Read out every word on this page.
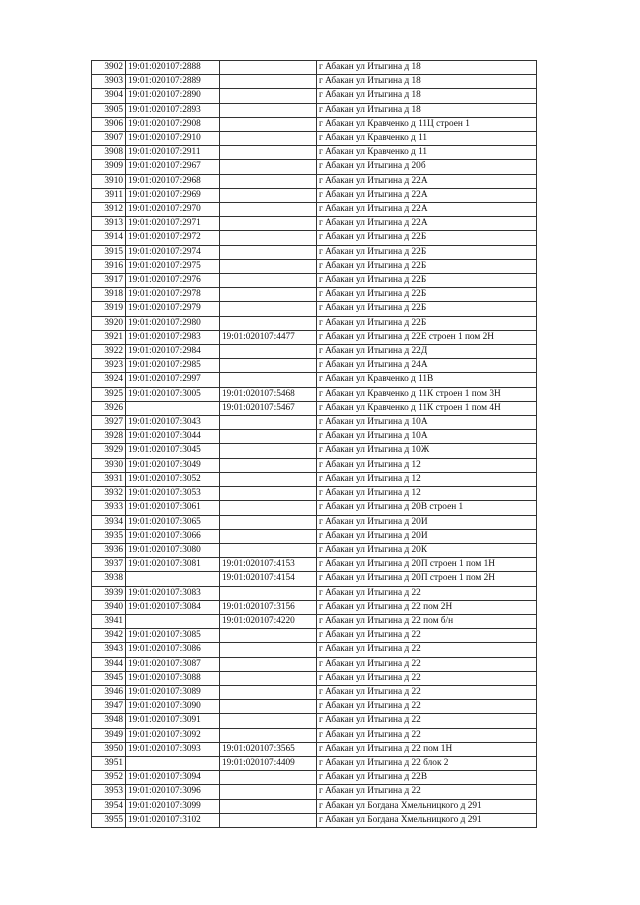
3902	19:01:020107:2888		г Абакан ул Итыгина д 18
3903	19:01:020107:2889		г Абакан ул Итыгина д 18
3904	19:01:020107:2890		г Абакан ул Итыгина д 18
3905	19:01:020107:2893		г Абакан ул Итыгина д 18
3906	19:01:020107:2908		г Абакан ул Кравченко д 11Ц строен 1
3907	19:01:020107:2910		г Абакан ул Кравченко д 11
3908	19:01:020107:2911		г Абакан ул Кравченко д 11
3909	19:01:020107:2967		г Абакан ул Итыгина д 20б
3910	19:01:020107:2968		г Абакан ул Итыгина д 22А
3911	19:01:020107:2969		г Абакан ул Итыгина д 22А
3912	19:01:020107:2970		г Абакан ул Итыгина д 22А
3913	19:01:020107:2971		г Абакан ул Итыгина д 22А
3914	19:01:020107:2972		г Абакан ул Итыгина д 22Б
3915	19:01:020107:2974		г Абакан ул Итыгина д 22Б
3916	19:01:020107:2975		г Абакан ул Итыгина д 22Б
3917	19:01:020107:2976		г Абакан ул Итыгина д 22Б
3918	19:01:020107:2978		г Абакан ул Итыгина д 22Б
3919	19:01:020107:2979		г Абакан ул Итыгина д 22Б
3920	19:01:020107:2980		г Абакан ул Итыгина д 22Б
3921	19:01:020107:2983	19:01:020107:4477	г Абакан ул Итыгина д 22Е строен 1 пом 2Н
3922	19:01:020107:2984		г Абакан ул Итыгина д 22Д
3923	19:01:020107:2985		г Абакан ул Итыгина д 24А
3924	19:01:020107:2997		г Абакан ул Кравченко д 11В
3925	19:01:020107:3005	19:01:020107:5468	г Абакан ул Кравченко д 11К строен 1 пом 3Н
3926		19:01:020107:5467	г Абакан ул Кравченко д 11К строен 1 пом 4Н
3927	19:01:020107:3043		г Абакан ул Итыгина д 10А
3928	19:01:020107:3044		г Абакан ул Итыгина д 10А
3929	19:01:020107:3045		г Абакан ул Итыгина д 10Ж
3930	19:01:020107:3049		г Абакан ул Итыгина д 12
3931	19:01:020107:3052		г Абакан ул Итыгина д 12
3932	19:01:020107:3053		г Абакан ул Итыгина д 12
3933	19:01:020107:3061		г Абакан ул Итыгина д 20В строен 1
3934	19:01:020107:3065		г Абакан ул Итыгина д 20И
3935	19:01:020107:3066		г Абакан ул Итыгина д 20И
3936	19:01:020107:3080		г Абакан ул Итыгина д 20К
3937	19:01:020107:3081	19:01:020107:4153	г Абакан ул Итыгина д 20П строен 1 пом 1Н
3938		19:01:020107:4154	г Абакан ул Итыгина д 20П строен 1 пом 2Н
3939	19:01:020107:3083		г Абакан ул Итыгина д 22
3940	19:01:020107:3084	19:01:020107:3156	г Абакан ул Итыгина д 22 пом 2Н
3941		19:01:020107:4220	г Абакан ул Итыгина д 22 пом б/н
3942	19:01:020107:3085		г Абакан ул Итыгина д 22
3943	19:01:020107:3086		г Абакан ул Итыгина д 22
3944	19:01:020107:3087		г Абакан ул Итыгина д 22
3945	19:01:020107:3088		г Абакан ул Итыгина д 22
3946	19:01:020107:3089		г Абакан ул Итыгина д 22
3947	19:01:020107:3090		г Абакан ул Итыгина д 22
3948	19:01:020107:3091		г Абакан ул Итыгина д 22
3949	19:01:020107:3092		г Абакан ул Итыгина д 22
3950	19:01:020107:3093	19:01:020107:3565	г Абакан ул Итыгина д 22 пом 1Н
3951		19:01:020107:4409	г Абакан ул Итыгина д 22 блок 2
3952	19:01:020107:3094		г Абакан ул Итыгина д 22В
3953	19:01:020107:3096		г Абакан ул Итыгина д 22
3954	19:01:020107:3099		г Абакан ул Богдана Хмельницкого д 291
3955	19:01:020107:3102		г Абакан ул Богдана Хмельницкого д 291
